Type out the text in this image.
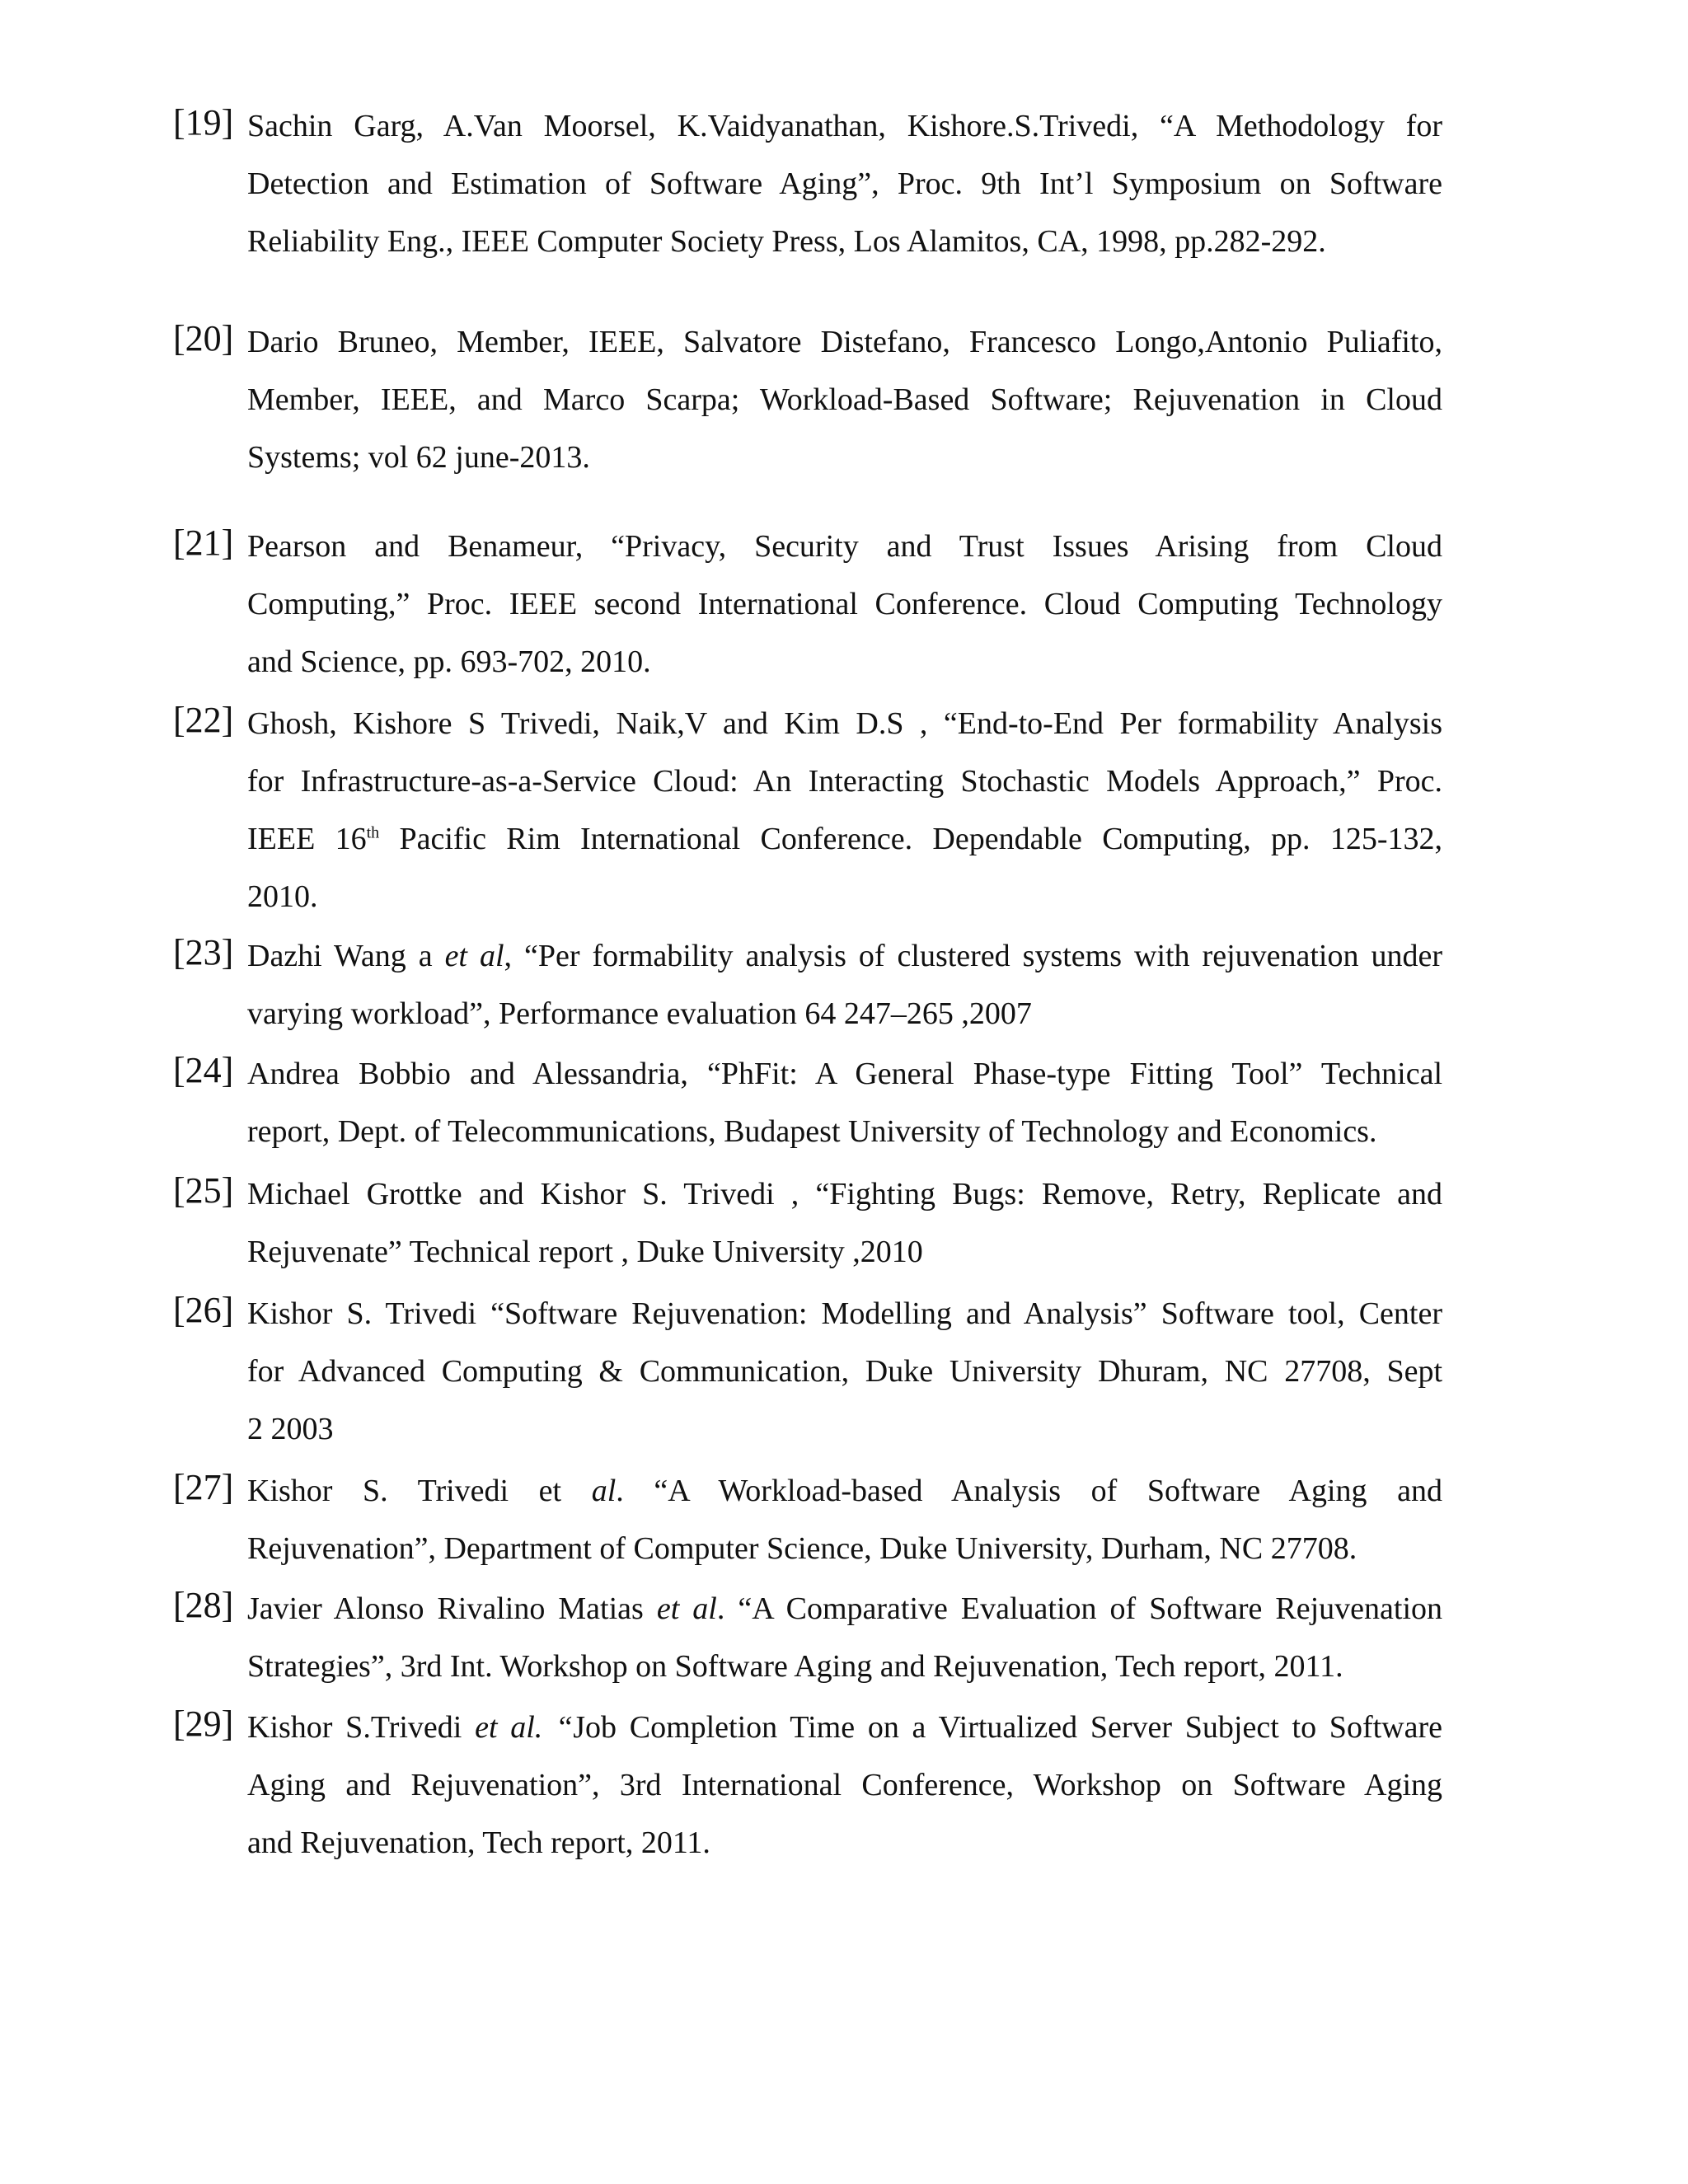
[19] Sachin Garg, A.Van Moorsel, K.Vaidyanathan, Kishore.S.Trivedi, “A Methodology for
Detection and Estimation of Software Aging”, Proc. 9th Int’l Symposium on Software
Reliability Eng., IEEE Computer Society Press, Los Alamitos, CA, 1998, pp.282-292.
[20] Dario Bruneo, Member, IEEE, Salvatore Distefano, Francesco Longo,Antonio Puliafito,
Member, IEEE, and Marco Scarpa; Workload-Based Software; Rejuvenation in Cloud
Systems; vol 62 june-2013.
[21] Pearson and Benameur, “Privacy, Security and Trust Issues Arising from Cloud
Computing,” Proc. IEEE second International Conference. Cloud Computing Technology
and Science, pp. 693-702, 2010.
[22] Ghosh, Kishore S Trivedi, Naik,V and Kim D.S , “End-to-End Per formability Analysis
for Infrastructure-as-a-Service Cloud: An Interacting Stochastic Models Approach,” Proc.
IEEE 16th Pacific Rim International Conference. Dependable Computing, pp. 125-132,
2010.
[23] Dazhi Wang a et al, “Per formability analysis of clustered systems with rejuvenation under
varying workload”, Performance evaluation 64 247–265 ,2007
[24] Andrea Bobbio and Alessandria, “PhFit: A General Phase-type Fitting Tool” Technical
report, Dept. of Telecommunications, Budapest University of Technology and Economics.
[25] Michael Grottke and Kishor S. Trivedi , “Fighting Bugs: Remove, Retry, Replicate and
Rejuvenate” Technical report , Duke University ,2010
[26] Kishor S. Trivedi “Software Rejuvenation: Modelling and Analysis” Software tool, Center
for Advanced Computing & Communication, Duke University Dhuram, NC 27708, Sept
2 2003
[27] Kishor S. Trivedi et al. “A Workload-based Analysis of Software Aging and
Rejuvenation”, Department of Computer Science, Duke University, Durham, NC 27708.
[28] Javier Alonso Rivalino Matias et al. “A Comparative Evaluation of Software Rejuvenation
Strategies”, 3rd Int. Workshop on Software Aging and Rejuvenation, Tech report, 2011.
[29] Kishor S.Trivedi et al. “Job Completion Time on a Virtualized Server Subject to Software
Aging and Rejuvenation”, 3rd International Conference, Workshop on Software Aging
and Rejuvenation, Tech report, 2011.
